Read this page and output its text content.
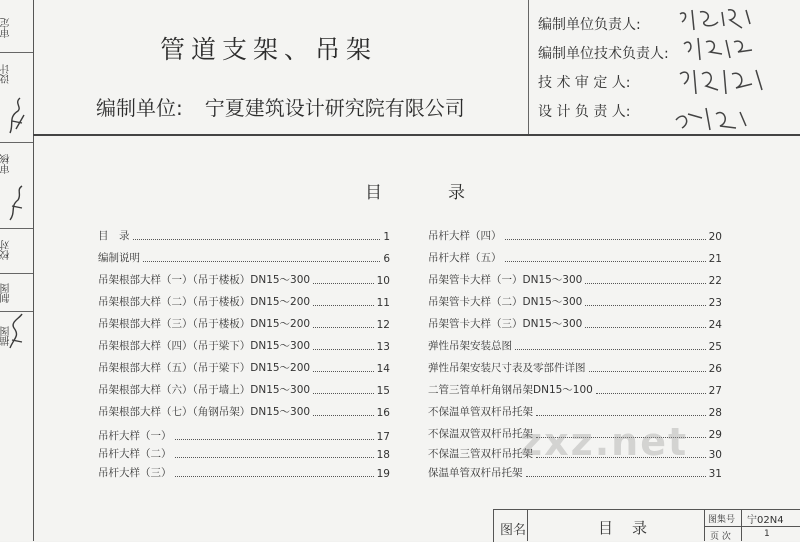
审定
设计
审核
校对
制图
描图
管道支架、吊架
编制单位: 宁夏建筑设计研究院有限公司
编制单位负责人:
编制单位技术负责人:
技 术 审 定 人:
设 计 负 责 人:
目	录
目　录	1
编制说明	6
吊架根部大样（一）（吊于楼板）DN15～300	10
吊架根部大样（二）（吊于楼板）DN15～200	11
吊架根部大样（三）（吊于楼板）DN15～200	12
吊架根部大样（四）（吊于梁下）DN15～300	13
吊架根部大样（五）（吊于梁下）DN15～200	14
吊架根部大样（六）（吊于墙上）DN15～300	15
吊架根部大样（七）（角钢吊架）DN15～300	16
吊杆大样（一）	17
吊杆大样（二）	18
吊杆大样（三）	19
吊杆大样（四）	20
吊杆大样（五）	21
吊架管卡大样（一）DN15～300	22
吊架管卡大样（二）DN15～300	23
吊架管卡大样（三）DN15～300	24
弹性吊架安装总图	25
弹性吊架安装尺寸表及零部件详图	26
二管三管单杆角钢吊架DN15～100	27
不保温单管双杆吊托架	28
不保温双管双杆吊托架	29
不保温三管双杆吊托架	30
保温单管双杆吊托架	31
zxz.net
图名	目 录	图集号 宁02N4
页 次	1
